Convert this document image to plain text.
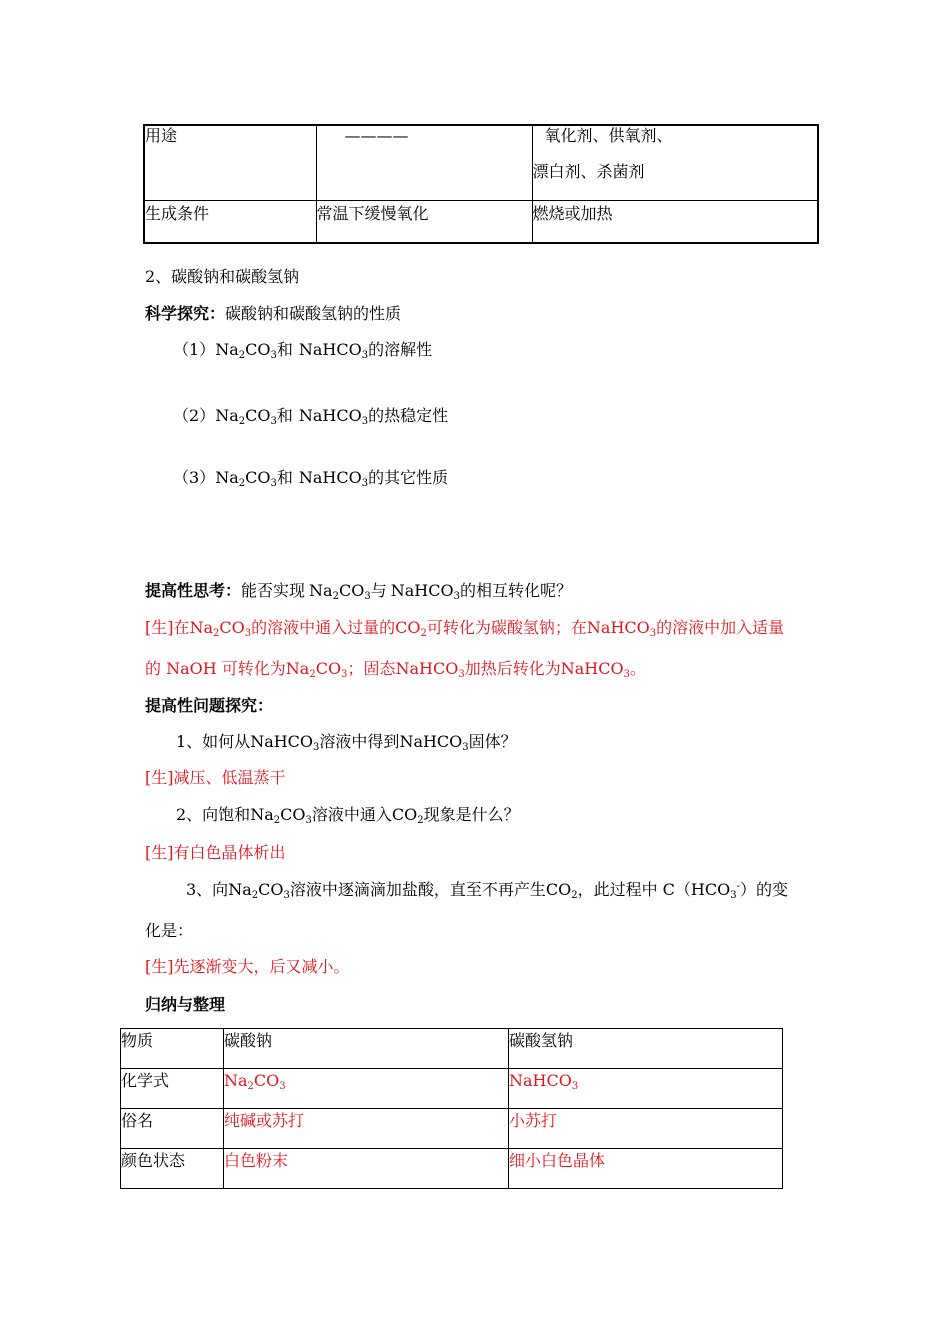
用途	————	氧化剂、供氧剂、
漂白剂、杀菌剂

生成条件	常温下缓慢氧化	燃烧或加热
2、碳酸钠和碳酸氢钠
科学探究：碳酸钠和碳酸氢钠的性质
$(1)Na_2CO_3$和 NaHCO$_3$的溶解性
$(2)Na_2CO_3$和 NaHCO$_3$的热稳定性
$(3)Na_2CO_3$和 NaHCO$_3$的其它性质
提高性思考：能否实现 $Na_2CO_3$与 NaHCO$_3$的相互转化呢？
[生]在$Na_2CO_3$的溶液中通入过量的$CO_2$可转化为碳酸氢钠；在NaHCO$_3$的溶液中加入适量
的 NaOH 可转化为$Na_2CO_3$；固态NaHCO$_3$加热后转化为NaHCO$_3$。
提高性问题探究：
1、如何从NaHCO$_3$溶液中得到NaHCO$_3$固体？
[生]减压、低温蒸干
2、向饱和$Na_2CO_3$溶液中通入$CO_2$现象是什么？
[生]有白色晶体析出
3、向$Na_2CO_3$溶液中逐滴滴加盐酸，直至不再产生$CO_2$，此过程中 $C(HCO_3^-)$的变
化是：
[生]先逐渐变大，后又减小。
归纳与整理
物质	碳酸钠	碳酸氢钠
化学式	$Na_2CO_3$	NaHCO$_3$
俗名	纯碱或苏打	小苏打
颜色状态	白色粉末	细小白色晶体
